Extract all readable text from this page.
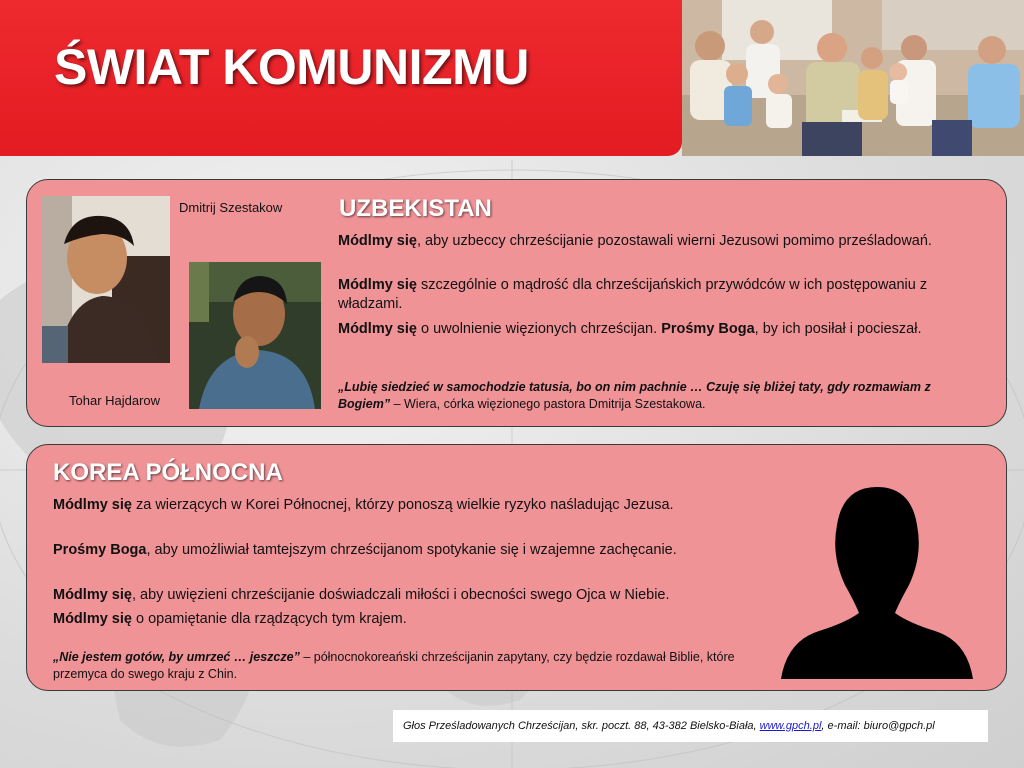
ŚWIAT KOMUNIZMU
Dmitrij Szestakow
Tohar Hajdarow
UZBEKISTAN
Módlmy się, aby uzbeccy chrześcijanie pozostawali wierni Jezusowi pomimo prześladowań.
Módlmy się szczególnie o mądrość dla chrześcijańskich przywódców w ich postępowaniu z władzami.
Módlmy się o uwolnienie więzionych chrześcijan. Prośmy Boga, by ich posiłał i pocieszał.
„Lubię siedzieć w samochodzie tatusia, bo on nim pachnie … Czuję się bliżej taty, gdy rozmawiam z Bogiem” – Wiera, córka więzionego pastora Dmitrija Szestakowa.
KOREA PÓŁNOCNA
Módlmy się za wierzących w Korei Północnej, którzy ponoszą wielkie ryzyko naśladując Jezusa.
Prośmy Boga, aby umożliwiał tamtejszym chrześcijanom spotykanie się i wzajemne zachęcanie.
Módlmy się, aby uwięzieni chrześcijanie doświadczali miłości i obecności swego Ojca w Niebie.
Módlmy się o opamiętanie dla rządzących tym krajem.
„Nie jestem gotów, by umrzeć … jeszcze” – północnokoreański chrześcijanin zapytany, czy będzie rozdawał Biblie, które przemyca do swego kraju z Chin.
Głos Prześladowanych Chrześcijan, skr. poczt. 88, 43-382 Bielsko-Biała,
www.gpch.pl , e-mail: biuro@gpch.pl
